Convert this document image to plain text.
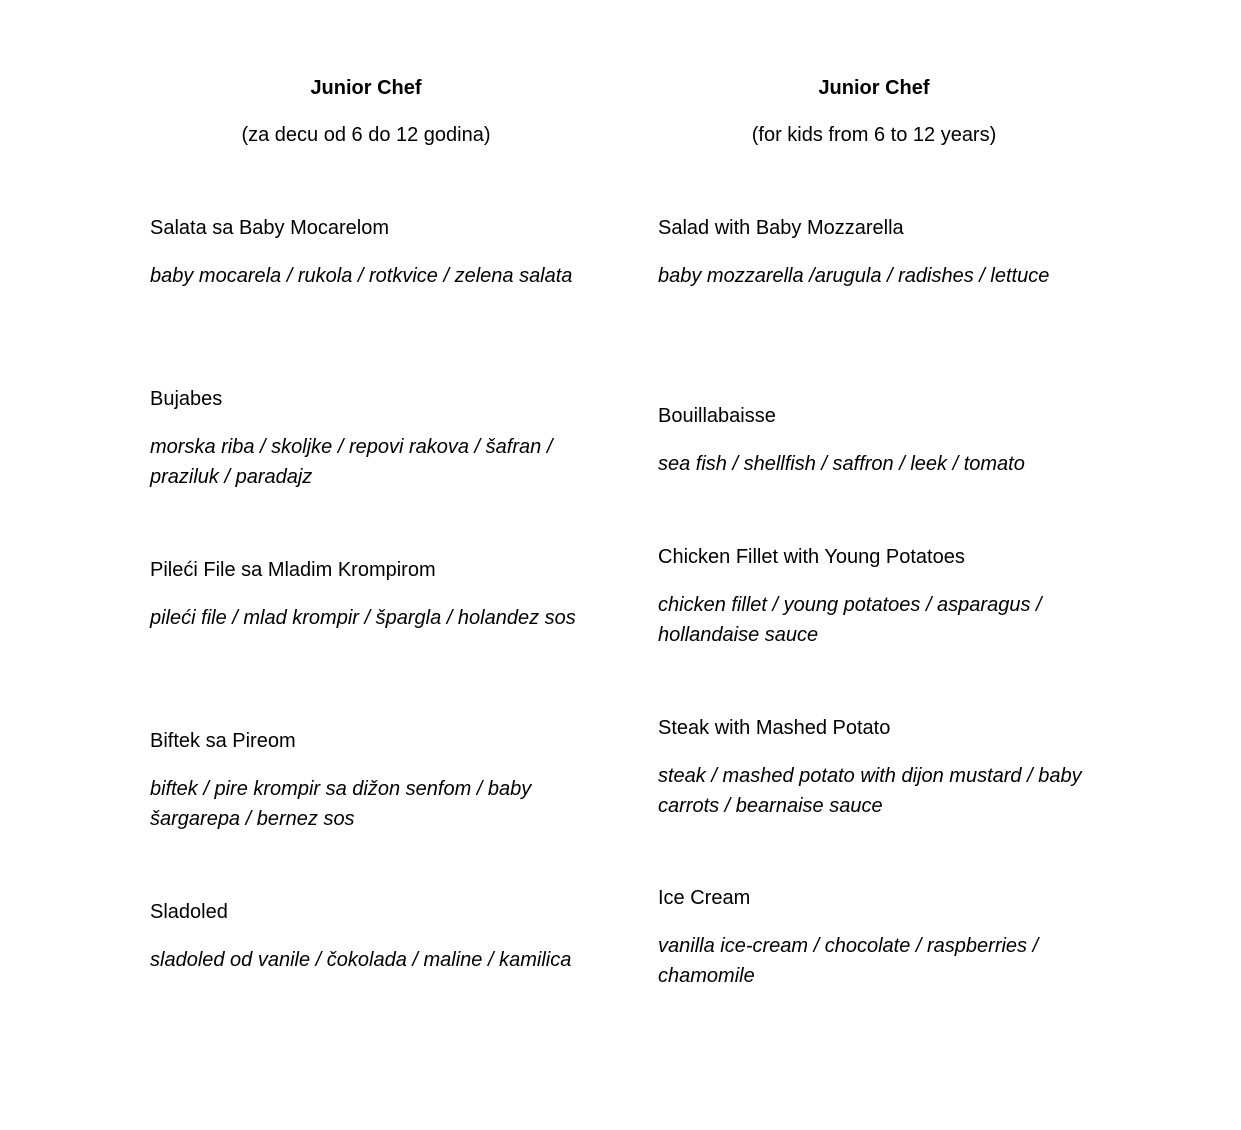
Junior Chef
(za decu od 6 do 12 godina)
Salata sa Baby Mocarelom
baby mocarela / rukola / rotkvice / zelena salata
Bujabes
morska riba / skoljke / repovi rakova / šafran / praziluk / paradajz
Pileći File sa Mladim Krompirom
pileći file / mlad krompir / špargla / holandez sos
Biftek sa Pireom
biftek / pire krompir sa dižon senfom / baby šargarepa / bernez sos
Sladoled
sladoled od vanile / čokolada / maline / kamilica
Junior Chef
(for kids from 6 to 12 years)
Salad with Baby Mozzarella
baby mozzarella /arugula / radishes / lettuce
Bouillabaisse
sea fish / shellfish / saffron / leek / tomato
Chicken Fillet with Young Potatoes
chicken fillet / young potatoes / asparagus / hollandaise sauce
Steak with Mashed Potato
steak / mashed potato with dijon mustard / baby carrots / bearnaise sauce
Ice Cream
vanilla ice-cream / chocolate / raspberries / chamomile
